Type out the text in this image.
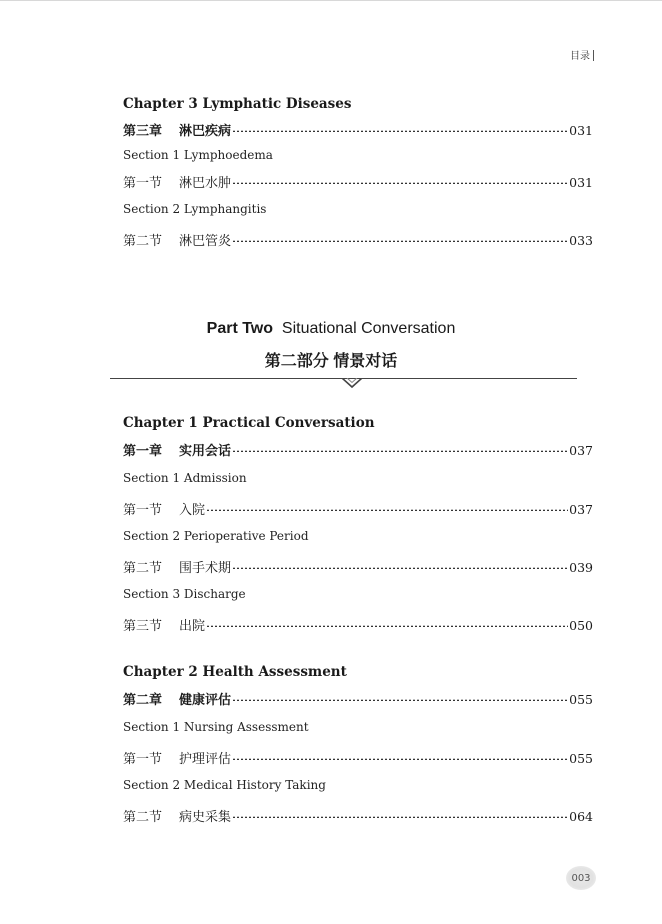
目录
Chapter 3 Lymphatic Diseases
第三章	淋巴疾病	031
Section 1 Lymphoedema
第一节	淋巴水肿	031
Section 2 Lymphangitis
第二节	淋巴管炎	033
Part Two Situational Conversation
第二部分 情景对话
Chapter 1 Practical Conversation
第一章	实用会话	037
Section 1 Admission
第一节	入院	037
Section 2 Perioperative Period
第二节	围手术期	039
Section 3 Discharge
第三节	出院	050
Chapter 2 Health Assessment
第二章	健康评估	055
Section 1 Nursing Assessment
第一节	护理评估	055
Section 2 Medical History Taking
第二节	病史采集	064
003
